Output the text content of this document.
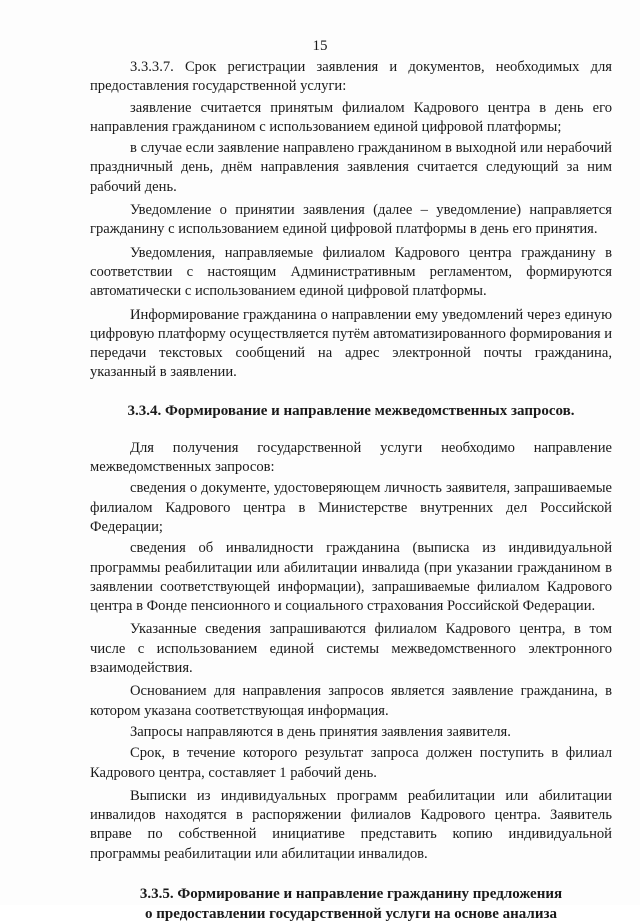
15

3.3.3.7. Срок регистрации заявления и документов, необходимых для предоставления государственной услуги:

заявление считается принятым филиалом Кадрового центра в день его направления гражданином с использованием единой цифровой платформы;

в случае если заявление направлено гражданином в выходной или нерабочий праздничный день, днём направления заявления считается следующий за ним рабочий день.

Уведомление о принятии заявления (далее – уведомление) направляется гражданину с использованием единой цифровой платформы в день его принятия.

Уведомления, направляемые филиалом Кадрового центра гражданину в соответствии с настоящим Административным регламентом, формируются автоматически с использованием единой цифровой платформы.

Информирование гражданина о направлении ему уведомлений через единую цифровую платформу осуществляется путём автоматизированного формирования и передачи текстовых сообщений на адрес электронной почты гражданина, указанный в заявлении.

3.3.4. Формирование и направление межведомственных запросов.

Для получения государственной услуги необходимо направление межведомственных запросов:

сведения о документе, удостоверяющем личность заявителя, запрашиваемые филиалом Кадрового центра в Министерстве внутренних дел Российской Федерации;

сведения об инвалидности гражданина (выписка из индивидуальной программы реабилитации или абилитации инвалида (при указании гражданином в заявлении соответствующей информации), запрашиваемые филиалом Кадрового центра в Фонде пенсионного и социального страхования Российской Федерации.

Указанные сведения запрашиваются филиалом Кадрового центра, в том числе с использованием единой системы межведомственного электронного взаимодействия.

Основанием для направления запросов является заявление гражданина, в котором указана соответствующая информация.

Запросы направляются в день принятия заявления заявителя.

Срок, в течение которого результат запроса должен поступить в филиал Кадрового центра, составляет 1 рабочий день.

Выписки из индивидуальных программ реабилитации или абилитации инвалидов находятся в распоряжении филиалов Кадрового центра. Заявитель вправе по собственной инициативе представить копию индивидуальной программы реабилитации или абилитации инвалидов.

3.3.5. Формирование и направление гражданину предложения
о предоставлении государственной услуги на основе анализа
